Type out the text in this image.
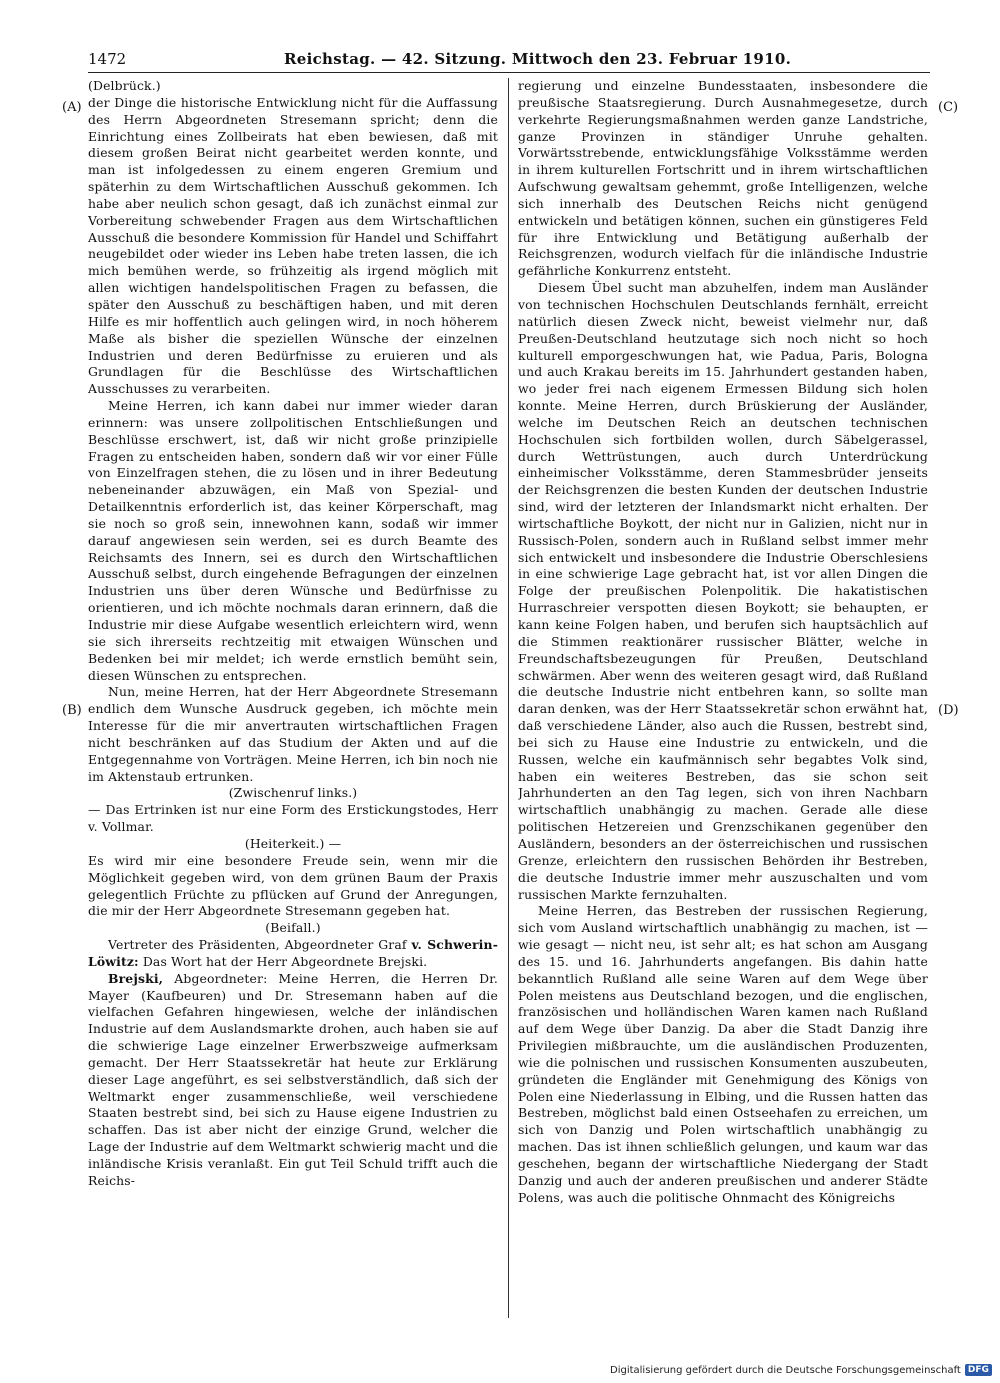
1472	Reichstag. — 42. Sitzung. Mittwoch den 23. Februar 1910.

(Delbrück.)

der Dinge die historische Entwicklung nicht für die Auffassung des Herrn Abgeordneten Stresemann spricht; denn die Einrichtung eines Zollbeirats hat eben bewiesen, daß mit diesem großen Beirat nicht gearbeitet werden konnte, und man ist infolgedessen zu einem engeren Gremium und späterhin zu dem Wirtschaftlichen Ausschuß gekommen. Ich habe aber neulich schon gesagt, daß ich zunächst einmal zur Vorbereitung schwebender Fragen aus dem Wirtschaftlichen Ausschuß die besondere Kommission für Handel und Schiffahrt neugebildet oder wieder ins Leben habe treten lassen, die ich mich bemühen werde, so frühzeitig als irgend möglich mit allen wichtigen handelspolitischen Fragen zu befassen, die später den Ausschuß zu beschäftigen haben, und mit deren Hilfe es mir hoffentlich auch gelingen wird, in noch höherem Maße als bisher die speziellen Wünsche der einzelnen Industrien und deren Bedürfnisse zu eruieren und als Grundlagen für die Beschlüsse des Wirtschaftlichen Ausschusses zu verarbeiten.

Meine Herren, ich kann dabei nur immer wieder daran erinnern: was unsere zollpolitischen Entschließungen und Beschlüsse erschwert, ist, daß wir nicht große prinzipielle Fragen zu entscheiden haben, sondern daß wir vor einer Fülle von Einzelfragen stehen, die zu lösen und in ihrer Bedeutung nebeneinander abzuwägen, ein Maß von Spezial- und Detailkenntnis erforderlich ist, das keiner Körperschaft, mag sie noch so groß sein, innewohnen kann, sodaß wir immer darauf angewiesen sein werden, sei es durch Beamte des Reichsamts des Innern, sei es durch den Wirtschaftlichen Ausschuß selbst, durch eingehende Befragungen der einzelnen Industrien uns über deren Wünsche und Bedürfnisse zu orientieren, und ich möchte nochmals daran erinnern, daß die Industrie mir diese Aufgabe wesentlich erleichtern wird, wenn sie sich ihrerseits rechtzeitig mit etwaigen Wünschen und Bedenken bei mir meldet; ich werde ernstlich bemüht sein, diesen Wünschen zu entsprechen.

Nun, meine Herren, hat der Herr Abgeordnete Stresemann endlich dem Wunsche Ausdruck gegeben, ich möchte mein Interesse für die mir anvertrauten wirtschaftlichen Fragen nicht beschränken auf das Studium der Akten und auf die Entgegennahme von Vorträgen. Meine Herren, ich bin noch nie im Aktenstaub ertrunken.

(Zwischenruf links.)

— Das Ertrinken ist nur eine Form des Erstickungstodes, Herr v. Vollmar.

(Heiterkeit.) —

Es wird mir eine besondere Freude sein, wenn mir die Möglichkeit gegeben wird, von dem grünen Baum der Praxis gelegentlich Früchte zu pflücken auf Grund der Anregungen, die mir der Herr Abgeordnete Stresemann gegeben hat.

(Beifall.)

Vertreter des Präsidenten, Abgeordneter Graf v. Schwerin-Löwitz: Das Wort hat der Herr Abgeordnete Brejski.

Brejski, Abgeordneter: Meine Herren, die Herren Dr. Mayer (Kaufbeuren) und Dr. Stresemann haben auf die vielfachen Gefahren hingewiesen, welche der inländischen Industrie auf dem Auslandsmarkte drohen, auch haben sie auf die schwierige Lage einzelner Erwerbszweige aufmerksam gemacht. Der Herr Staatssekretär hat heute zur Erklärung dieser Lage angeführt, es sei selbstverständlich, daß sich der Weltmarkt enger zusammenschließe, weil verschiedene Staaten bestrebt sind, bei sich zu Hause eigene Industrien zu schaffen. Das ist aber nicht der einzige Grund, welcher die Lage der Industrie auf dem Weltmarkt schwierig macht und die inländische Krisis veranlaßt. Ein gut Teil Schuld trifft auch die Reichs-

regierung und einzelne Bundesstaaten, insbesondere die preußische Staatsregierung. Durch Ausnahmegesetze, durch verkehrte Regierungsmaßnahmen werden ganze Landstriche, ganze Provinzen in ständiger Unruhe gehalten. Vorwärtsstrebende, entwicklungsfähige Volksstämme werden in ihrem kulturellen Fortschritt und in ihrem wirtschaftlichen Aufschwung gewaltsam gehemmt, große Intelligenzen, welche sich innerhalb des Deutschen Reichs nicht genügend entwickeln und betätigen können, suchen ein günstigeres Feld für ihre Entwicklung und Betätigung außerhalb der Reichsgrenzen, wodurch vielfach für die inländische Industrie gefährliche Konkurrenz entsteht.

Diesem Übel sucht man abzuhelfen, indem man Ausländer von technischen Hochschulen Deutschlands fernhält, erreicht natürlich diesen Zweck nicht, beweist vielmehr nur, daß Preußen-Deutschland heutzutage sich noch nicht so hoch kulturell emporgeschwungen hat, wie Padua, Paris, Bologna und auch Krakau bereits im 15. Jahrhundert gestanden haben, wo jeder frei nach eigenem Ermessen Bildung sich holen konnte. Meine Herren, durch Brüskierung der Ausländer, welche im Deutschen Reich an deutschen technischen Hochschulen sich fortbilden wollen, durch Säbelgerassel, durch Wettrüstungen, auch durch Unterdrückung einheimischer Volksstämme, deren Stammesbrüder jenseits der Reichsgrenzen die besten Kunden der deutschen Industrie sind, wird der letzteren der Inlandsmarkt nicht erhalten. Der wirtschaftliche Boykott, der nicht nur in Galizien, nicht nur in Russisch-Polen, sondern auch in Rußland selbst immer mehr sich entwickelt und insbesondere die Industrie Oberschlesiens in eine schwierige Lage gebracht hat, ist vor allen Dingen die Folge der preußischen Polenpolitik. Die hakatistischen Hurraschreier verspotten diesen Boykott; sie behaupten, er kann keine Folgen haben, und berufen sich hauptsächlich auf die Stimmen reaktionärer russischer Blätter, welche in Freundschaftsbezeugungen für Preußen, Deutschland schwärmen. Aber wenn des weiteren gesagt wird, daß Rußland die deutsche Industrie nicht entbehren kann, so sollte man daran denken, was der Herr Staatssekretär schon erwähnt hat, daß verschiedene Länder, also auch die Russen, bestrebt sind, bei sich zu Hause eine Industrie zu entwickeln, und die Russen, welche ein kaufmännisch sehr begabtes Volk sind, haben ein weiteres Bestreben, das sie schon seit Jahrhunderten an den Tag legen, sich von ihren Nachbarn wirtschaftlich unabhängig zu machen. Gerade alle diese politischen Hetzereien und Grenzschikanen gegenüber den Ausländern, besonders an der österreichischen und russischen Grenze, erleichtern den russischen Behörden ihr Bestreben, die deutsche Industrie immer mehr auszuschalten und vom russischen Markte fernzuhalten.

Meine Herren, das Bestreben der russischen Regierung, sich vom Ausland wirtschaftlich unabhängig zu machen, ist — wie gesagt — nicht neu, ist sehr alt; es hat schon am Ausgang des 15. und 16. Jahrhunderts angefangen. Bis dahin hatte bekanntlich Rußland alle seine Waren auf dem Wege über Polen meistens aus Deutschland bezogen, und die englischen, französischen und holländischen Waren kamen nach Rußland auf dem Wege über Danzig. Da aber die Stadt Danzig ihre Privilegien mißbrauchte, um die ausländischen Produzenten, wie die polnischen und russischen Konsumenten auszubeuten, gründeten die Engländer mit Genehmigung des Königs von Polen eine Niederlassung in Elbing, und die Russen hatten das Bestreben, möglichst bald einen Ostseehafen zu erreichen, um sich von Danzig und Polen wirtschaftlich unabhängig zu machen. Das ist ihnen schließlich gelungen, und kaum war das geschehen, begann der wirtschaftliche Niedergang der Stadt Danzig und auch der anderen preußischen und anderer Städte Polens, was auch die politische Ohnmacht des Königreichs

(A)
(B)
(C)
(D)
Digitalisierung gefördert durch die Deutsche Forschungsgemeinschaft DFG
